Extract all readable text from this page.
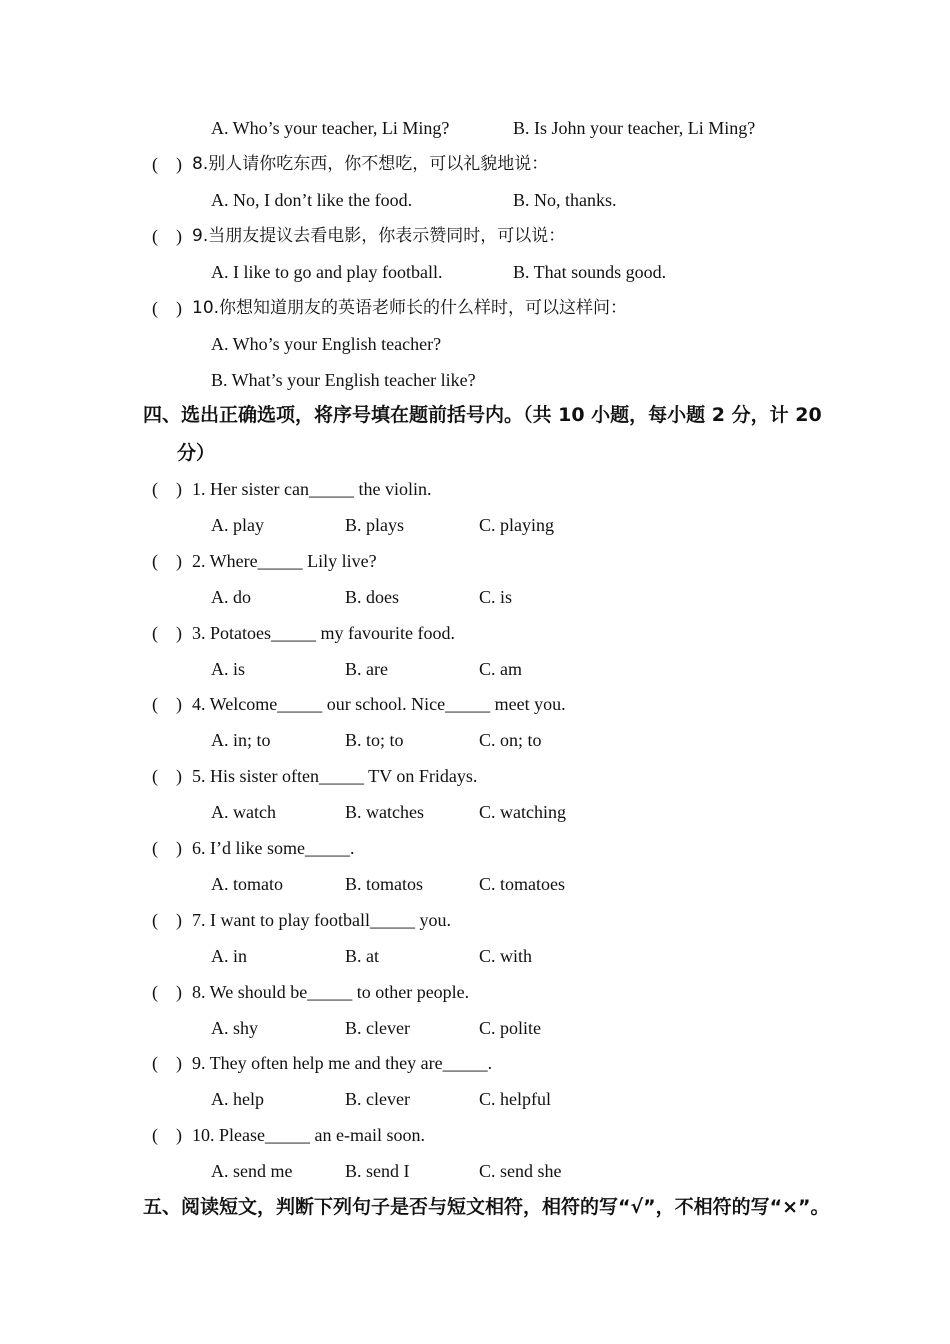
A. Who’s your teacher, Li Ming?	B. Is John your teacher, Li Ming?
(    ) 8.别人请你吃东西，你不想吃，可以礼貌地说：
A. No, I don’t like the food.	B. No, thanks.
(    ) 9.当朋友提议去看电影，你表示赞同时，可以说：
A. I like to go and play football.	B. That sounds good.
(    ) 10.你想知道朋友的英语老师长的什么样时，可以这样问：
A. Who’s your English teacher?
B. What’s your English teacher like?
四、选出正确选项，将序号填在题前括号内。（共 10 小题，每小题 2 分，计 20
分）
(    ) 1. Her sister can_____ the violin.
A. play	B. plays	C. playing
(    ) 2. Where_____ Lily live?
A. do	B. does	C. is
(    ) 3. Potatoes_____ my favourite food.
A. is	B. are	C. am
(    ) 4. Welcome_____ our school. Nice_____ meet you.
A. in; to	B. to; to	C. on; to
(    ) 5. His sister often_____ TV on Fridays.
A. watch	B. watches	C. watching
(    ) 6. I’d like some_____.
A. tomato	B. tomatos	C. tomatoes
(    ) 7. I want to play football_____ you.
A. in	B. at	C. with
(    ) 8. We should be_____ to other people.
A. shy	B. clever	C. polite
(    ) 9. They often help me and they are_____.
A. help	B. clever	C. helpful
(    ) 10. Please_____ an e-mail soon.
A. send me	B. send I	C. send she
五、阅读短文，判断下列句子是否与短文相符，相符的写“√”，不相符的写“×”。
